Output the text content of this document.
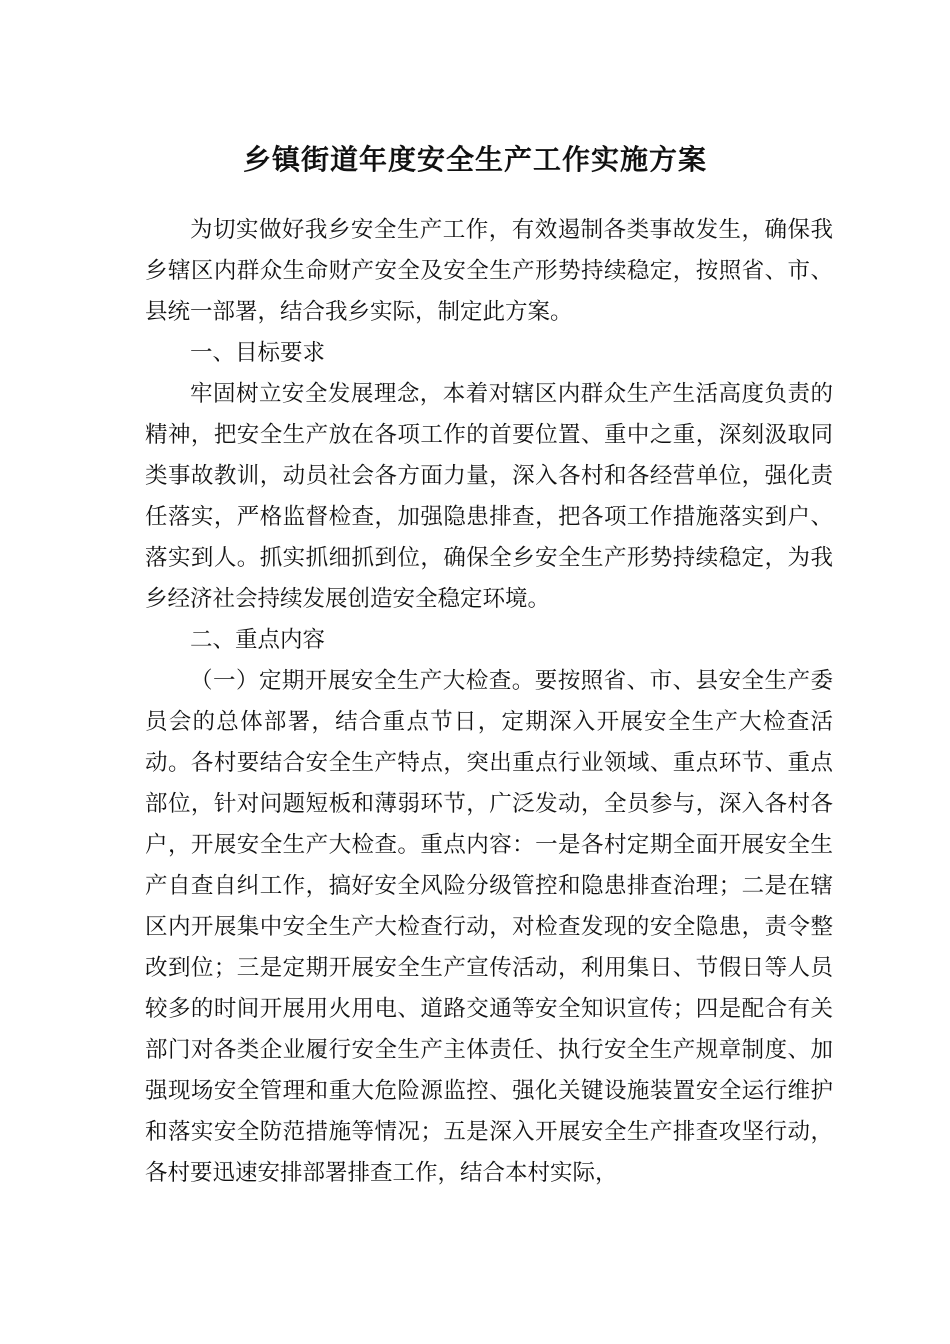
乡镇街道年度安全生产工作实施方案

为切实做好我乡安全生产工作，有效遏制各类事故发生，确保我乡辖区内群众生命财产安全及安全生产形势持续稳定，按照省、市、县统一部署，结合我乡实际，制定此方案。

一、目标要求

牢固树立安全发展理念，本着对辖区内群众生产生活高度负责的精神，把安全生产放在各项工作的首要位置、重中之重，深刻汲取同类事故教训，动员社会各方面力量，深入各村和各经营单位，强化责任落实，严格监督检查，加强隐患排查，把各项工作措施落实到户、落实到人。抓实抓细抓到位，确保全乡安全生产形势持续稳定，为我乡经济社会持续发展创造安全稳定环境。

二、重点内容

（一）定期开展安全生产大检查。要按照省、市、县安全生产委员会的总体部署，结合重点节日，定期深入开展安全生产大检查活动。各村要结合安全生产特点，突出重点行业领域、重点环节、重点部位，针对问题短板和薄弱环节，广泛发动，全员参与，深入各村各户，开展安全生产大检查。重点内容：一是各村定期全面开展安全生产自查自纠工作，搞好安全风险分级管控和隐患排查治理；二是在辖区内开展集中安全生产大检查行动，对检查发现的安全隐患，责令整改到位；三是定期开展安全生产宣传活动，利用集日、节假日等人员较多的时间开展用火用电、道路交通等安全知识宣传；四是配合有关部门对各类企业履行安全生产主体责任、执行安全生产规章制度、加强现场安全管理和重大危险源监控、强化关键设施装置安全运行维护和落实安全防范措施等情况；五是深入开展安全生产排查攻坚行动，各村要迅速安排部署排查工作，结合本村实际，
